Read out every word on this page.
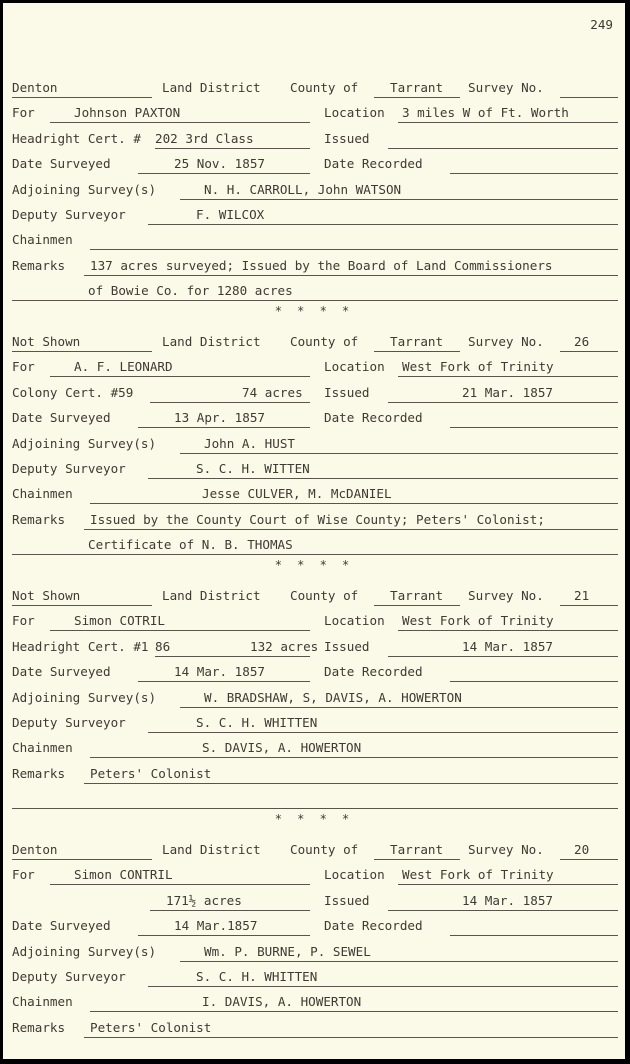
249
Denton	Land District County of	Tarrant Survey No.
For	Johnson PAXTON	Location 3 miles W of Ft. Worth
Headright Cert. # 202 3rd Class	Issued
Date Surveyed	25 Nov. 1857	Date Recorded
Adjoining Survey(s)	N. H. CARROLL, John WATSON
Deputy Surveyor	F. WILCOX
Chainmen
Remarks 137 acres surveyed; Issued by the Board of Land Commissioners
of Bowie Co. for 1280 acres
* * * *
Not Shown	Land District County of	Tarrant Survey No. 26
For	A. F. LEONARD	Location West Fork of Trinity
Colony Cert. #59	74 acres Issued	21 Mar. 1857
Date Surveyed	13 Apr. 1857	Date Recorded
Adjoining Survey(s)	John A. HUST
Deputy Surveyor	S. C. H. WITTEN
Chainmen	Jesse CULVER, M. McDANIEL
Remarks Issued by the County Court of Wise County; Peters' Colonist;
Certificate of N. B. THOMAS
* * * *
Not Shown	Land District County of	Tarrant Survey No. 21
For	Simon COTRIL	Location West Fork of Trinity
Headright Cert. #1 86	132 acres Issued	14 Mar. 1857
Date Surveyed	14 Mar. 1857	Date Recorded
Adjoining Survey(s)	W. BRADSHAW, S, DAVIS, A. HOWERTON
Deputy Surveyor	S. C. H. WHITTEN
Chainmen	S. DAVIS, A. HOWERTON
Remarks Peters' Colonist
* * * *
Denton	Land District County of	Tarrant Survey No. 20
For	Simon CONTRIL	Location West Fork of Trinity
171½ acres	Issued	14 Mar. 1857
Date Surveyed	14 Mar.1857	Date Recorded
Adjoining Survey(s)	Wm. P. BURNE, P. SEWEL
Deputy Surveyor	S. C. H. WHITTEN
Chainmen	I. DAVIS, A. HOWERTON
Remarks Peters' Colonist
